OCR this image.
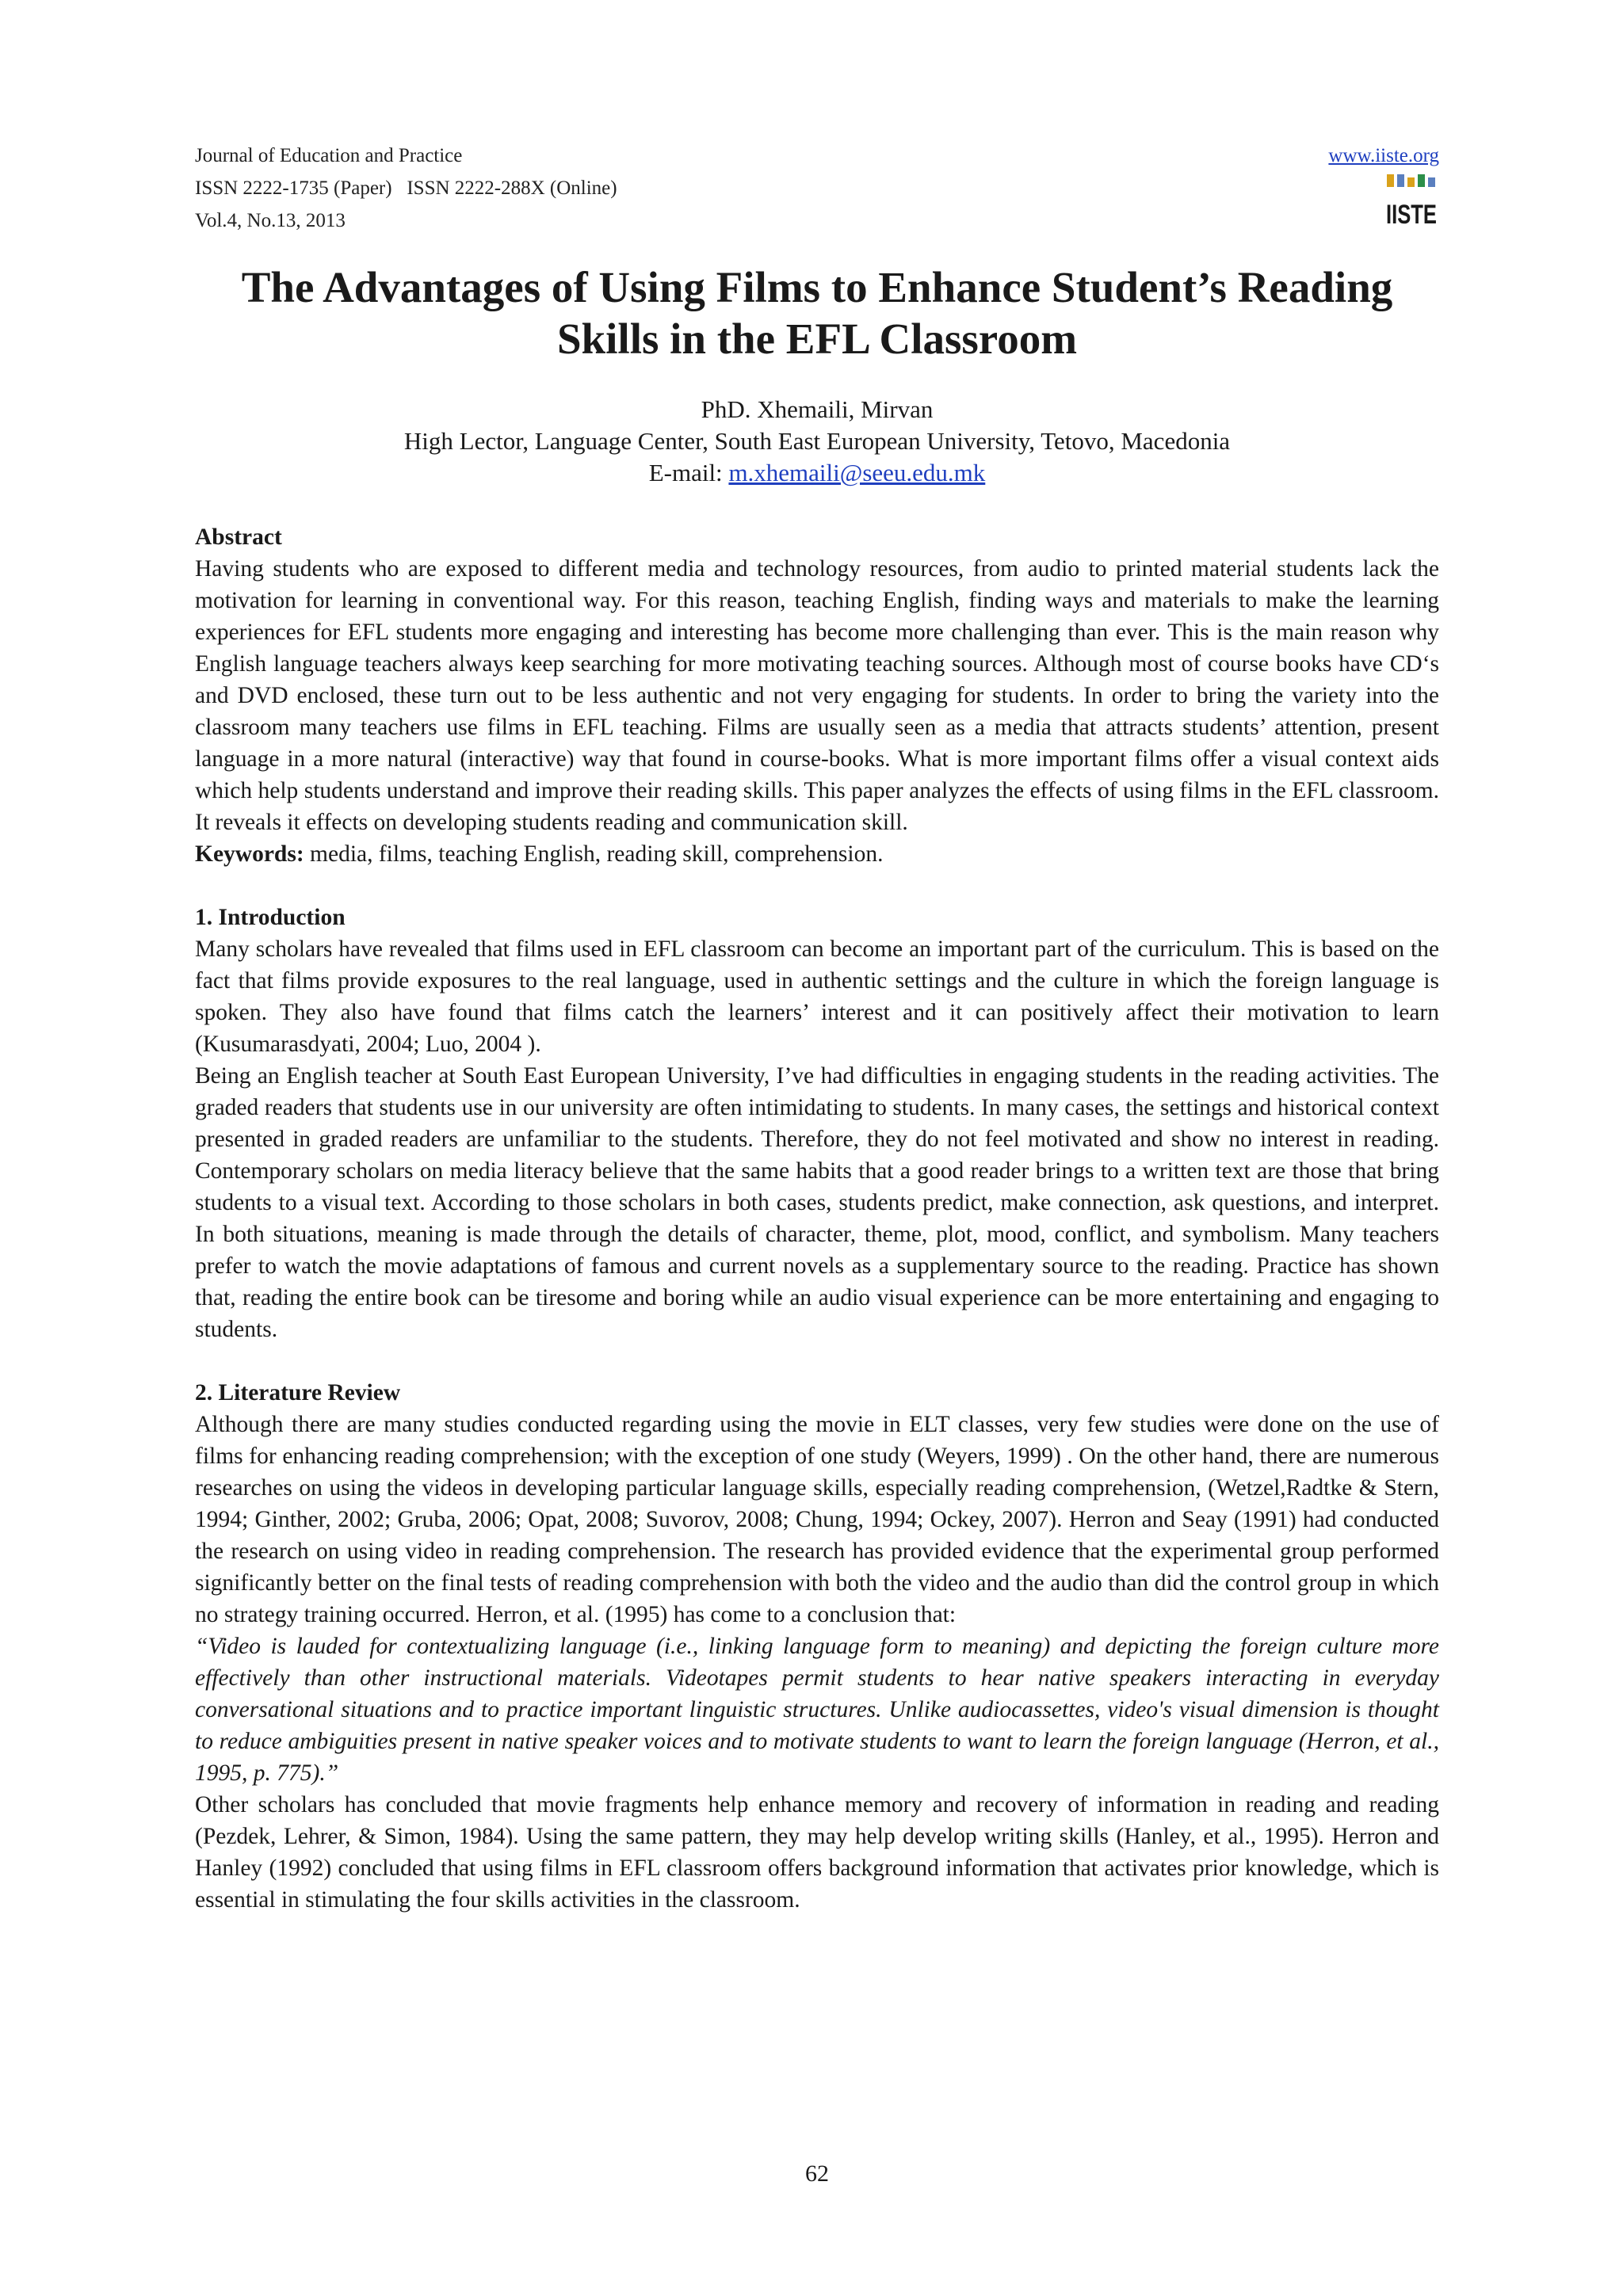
Journal of Education and Practice
ISSN 2222-1735 (Paper)   ISSN 2222-288X (Online)
Vol.4, No.13, 2013
www.iiste.org
IISTE
The Advantages of Using Films to Enhance Student’s Reading
Skills in the EFL Classroom
PhD. Xhemaili, Mirvan
High Lector, Language Center, South East European University, Tetovo, Macedonia
E-mail: m.xhemaili@seeu.edu.mk

Abstract

Having students who are exposed to different media and technology resources, from audio to printed material students lack the motivation for learning in conventional way. For this reason, teaching English, finding ways and materials to make the learning experiences for EFL students more engaging and interesting has become more challenging than ever. This is the main reason why English language teachers always keep searching for more motivating teaching sources. Although most of course books have CD‘s and DVD enclosed, these turn out to be less authentic and not very engaging for students. In order to bring the variety into the classroom many teachers use films in EFL teaching. Films are usually seen as a media that attracts students’ attention, present language in a more natural (interactive) way that found in course-books. What is more important films offer a visual context aids which help students understand and improve their reading skills. This paper analyzes the effects of using films in the EFL classroom. It reveals it effects on developing students reading and communication skill.

Keywords: media, films, teaching English, reading skill, comprehension.

1. Introduction

Many scholars have revealed that films used in EFL classroom can become an important part of the curriculum. This is based on the fact that films provide exposures to the real language, used in authentic settings and the culture in which the foreign language is spoken. They also have found that films catch the learners’ interest and it can positively affect their motivation to learn (Kusumarasdyati, 2004; Luo, 2004 ).

Being an English teacher at South East European University, I’ve had difficulties in engaging students in the reading activities. The graded readers that students use in our university are often intimidating to students. In many cases, the settings and historical context presented in graded readers are unfamiliar to the students. Therefore, they do not feel motivated and show no interest in reading. Contemporary scholars on media literacy believe that the same habits that a good reader brings to a written text are those that bring students to a visual text. According to those scholars in both cases, students predict, make connection, ask questions, and interpret. In both situations, meaning is made through the details of character, theme, plot, mood, conflict, and symbolism. Many teachers prefer to watch the movie adaptations of famous and current novels as a supplementary source to the reading. Practice has shown that, reading the entire book can be tiresome and boring while an audio visual experience can be more entertaining and engaging to students.

2. Literature Review

Although there are many studies conducted regarding using the movie in ELT classes, very few studies were done on the use of films for enhancing reading comprehension; with the exception of one study (Weyers, 1999) . On the other hand, there are numerous researches on using the videos in developing particular language skills, especially reading comprehension, (Wetzel,Radtke & Stern, 1994; Ginther, 2002; Gruba, 2006; Opat, 2008; Suvorov, 2008; Chung, 1994; Ockey, 2007). Herron and Seay (1991) had conducted the research on using video in reading comprehension. The research has provided evidence that the experimental group performed significantly better on the final tests of reading comprehension with both the video and the audio than did the control group in which no strategy training occurred. Herron, et al. (1995) has come to a conclusion that:

“Video is lauded for contextualizing language (i.e., linking language form to meaning) and depicting the foreign culture more effectively than other instructional materials. Videotapes permit students to hear native speakers interacting in everyday conversational situations and to practice important linguistic structures. Unlike audiocassettes, video's visual dimension is thought to reduce ambiguities present in native speaker voices and to motivate students to want to learn the foreign language (Herron, et al., 1995, p. 775).”

Other scholars has concluded that movie fragments help enhance memory and recovery of information in reading and reading (Pezdek, Lehrer, & Simon, 1984). Using the same pattern, they may help develop writing skills (Hanley, et al., 1995). Herron and Hanley (1992) concluded that using films in EFL classroom offers background information that activates prior knowledge, which is essential in stimulating the four skills activities in the classroom.

62
